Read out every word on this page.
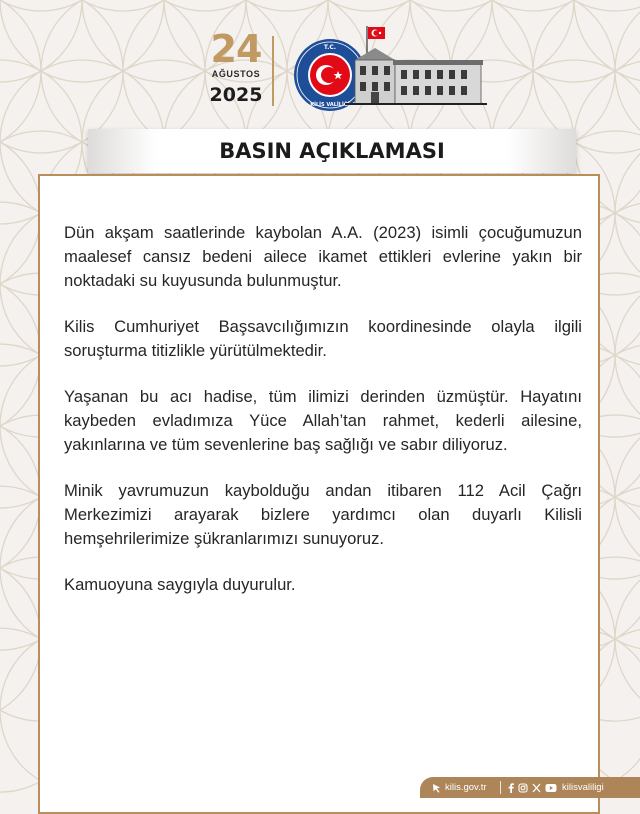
24
AĞUSTOS
2025
T.C.
KİLİS VALİLİĞİ
BASIN AÇIKLAMASI

Dün akşam saatlerinde kaybolan A.A. (2023) isimli çocuğumuzun maalesef cansız bedeni ailece ikamet ettikleri evlerine yakın bir noktadaki su kuyusunda bulunmuştur.

Kilis Cumhuriyet Başsavcılığımızın koordinesinde olayla ilgili soruşturma titizlikle yürütülmektedir.

Yaşanan bu acı hadise, tüm ilimizi derinden üzmüştür. Hayatını kaybeden evladımıza Yüce Allah’tan rahmet, kederli ailesine, yakınlarına ve tüm sevenlerine baş sağlığı ve sabır diliyoruz.

Minik yavrumuzun kaybolduğu andan itibaren 112 Acil Çağrı Merkezimizi arayarak bizlere yardımcı olan duyarlı Kilisli hemşehrilerimize şükranlarımızı sunuyoruz.

Kamuoyuna saygıyla duyurulur.

kilis.gov.tr	kilisvaliligi
